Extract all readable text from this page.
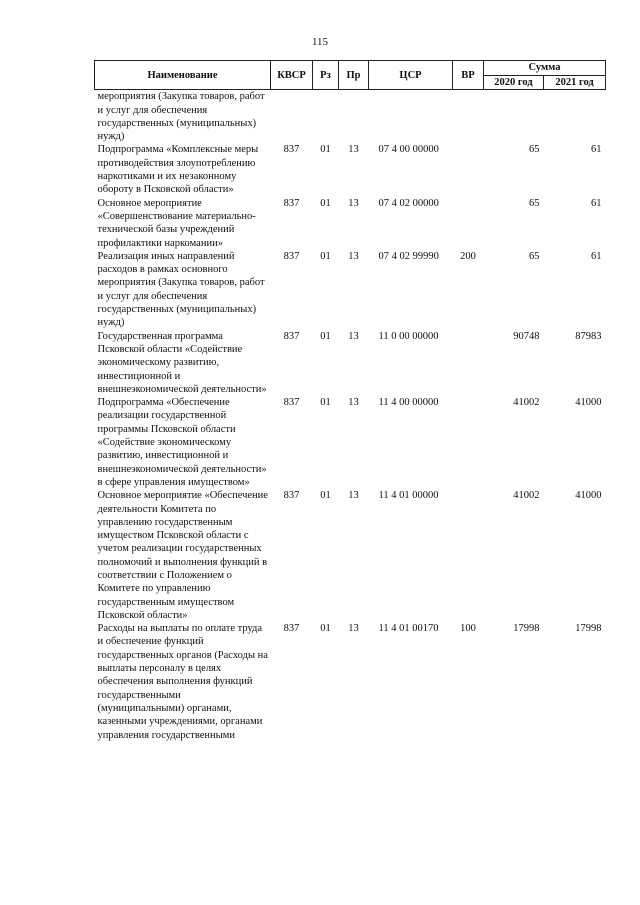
115
Наименование	КВСР	Рз	Пр	ЦСР	ВР	Сумма	
						2020 год	2021 год
мероприятия (Закупка товаров, работ и услуг для обеспечения государственных (муниципальных) нужд)							
Подпрограмма «Комплексные меры противодействия злоупотреблению наркотиками и их незаконному обороту в Псковской области»	837	01	13	07 4 00 00000		65	61
Основное мероприятие «Совершенствование материально-технической базы учреждений профилактики наркомании»	837	01	13	07 4 02 00000		65	61
Реализация иных направлений расходов в рамках основного мероприятия (Закупка товаров, работ и услуг для обеспечения государственных (муниципальных) нужд)	837	01	13	07 4 02 99990	200	65	61
Государственная программа Псковской области «Содействие экономическому развитию, инвестиционной и внешнеэкономической деятельности»	837	01	13	11 0 00 00000		90748	87983
Подпрограмма «Обеспечение реализации государственной программы Псковской области «Содействие экономическому развитию, инвестиционной и внешнеэкономической деятельности» в сфере управления имуществом»	837	01	13	11 4 00 00000		41002	41000
Основное мероприятие «Обеспечение деятельности Комитета по управлению государственным имуществом Псковской области с учетом реализации государственных полномочий и выполнения функций в соответствии с Положением о Комитете по управлению государственным имуществом Псковской области»	837	01	13	11 4 01 00000		41002	41000
Расходы на выплаты по оплате труда и обеспечение функций государственных органов (Расходы на выплаты персоналу в целях обеспечения выполнения функций государственными (муниципальными) органами, казенными учреждениями, органами управления государственными	837	01	13	11 4 01 00170	100	17998	17998
